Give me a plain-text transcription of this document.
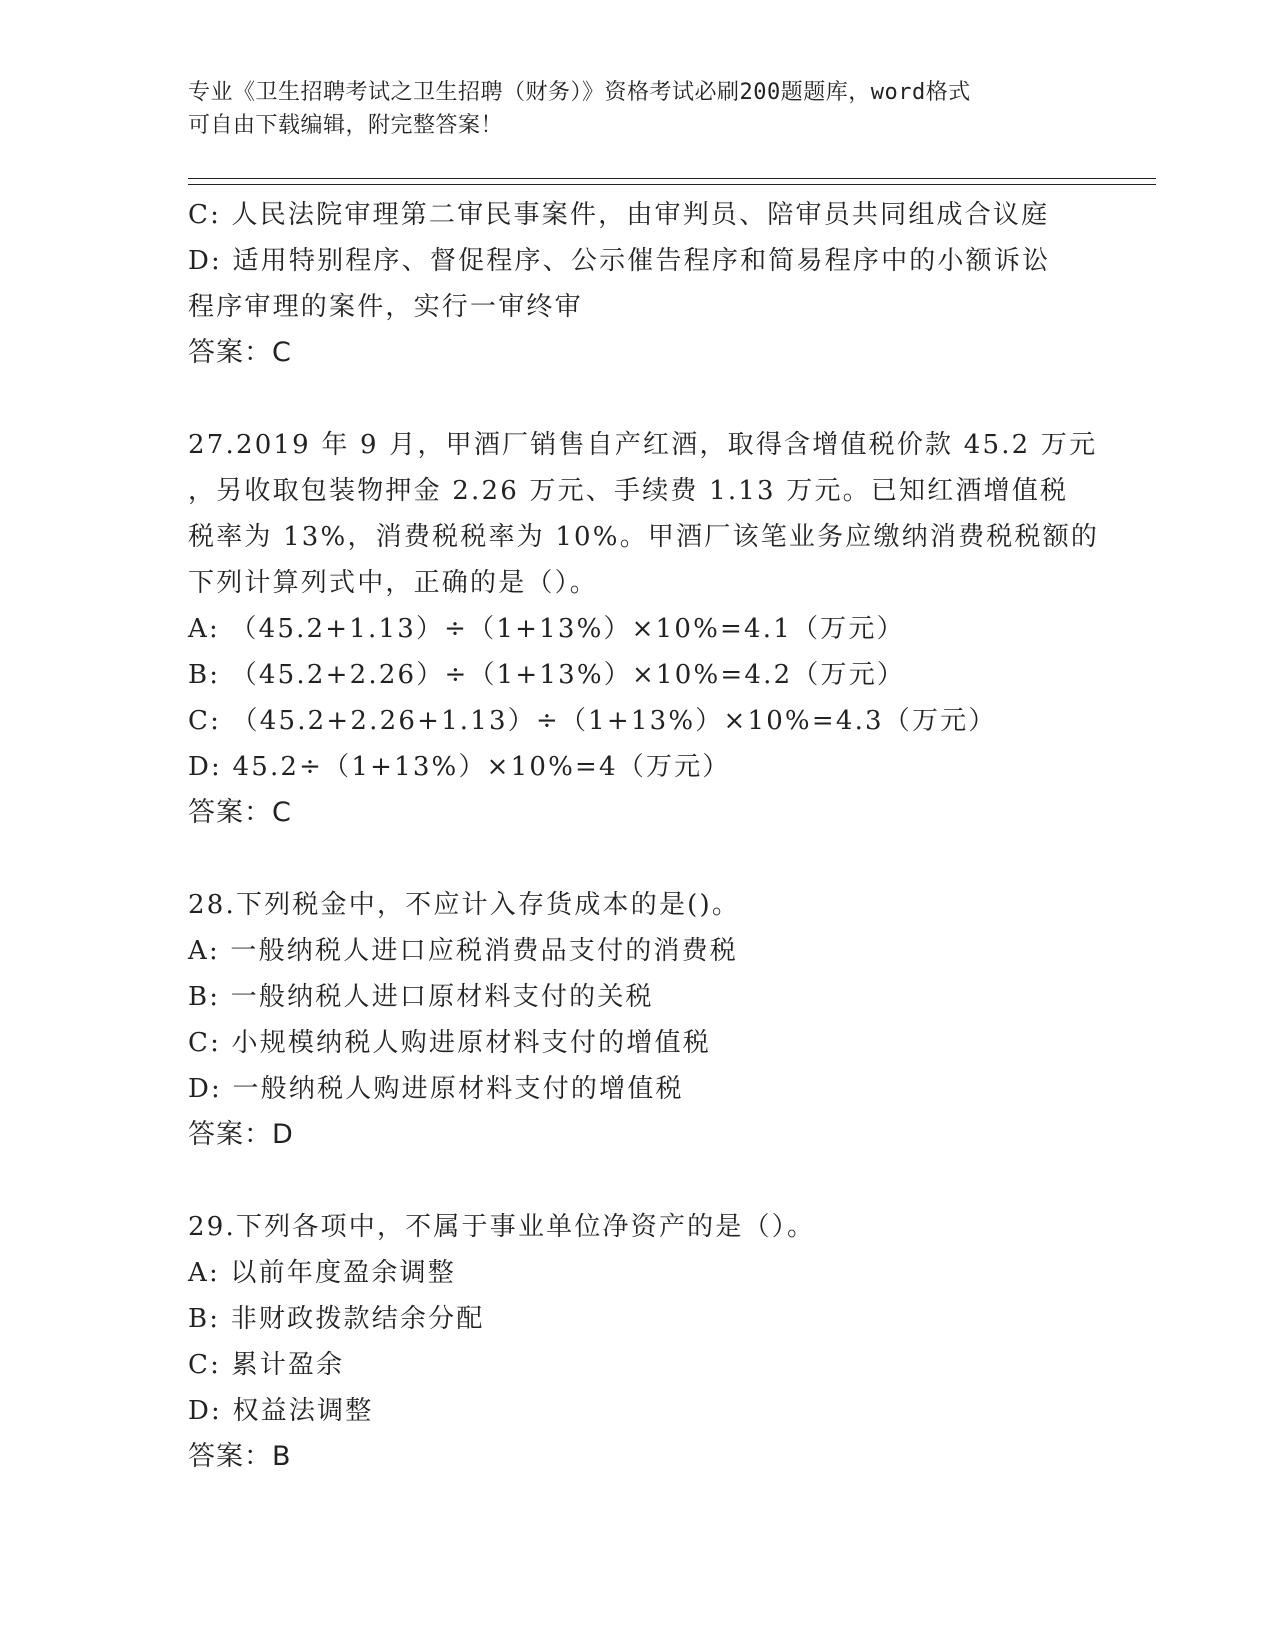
专业《卫生招聘考试之卫生招聘（财务）》资格考试必刷200题题库，word格式
可自由下载编辑，附完整答案！
C: 人民法院审理第二审民事案件，由审判员、陪审员共同组成合议庭
D: 适用特别程序、督促程序、公示催告程序和简易程序中的小额诉讼
程序审理的案件，实行一审终审
答案：C
27.2019 年 9 月，甲酒厂销售自产红酒，取得含增值税价款 45.2 万元
，另收取包装物押金 2.26 万元、手续费 1.13 万元。已知红酒增值税
税率为 13%，消费税税率为 10%。甲酒厂该笔业务应缴纳消费税税额的
下列计算列式中，正确的是（）。
A: （45.2+1.13）÷（1+13%）×10%=4.1（万元）
B: （45.2+2.26）÷（1+13%）×10%=4.2（万元）
C: （45.2+2.26+1.13）÷（1+13%）×10%=4.3（万元）
D: 45.2÷（1+13%）×10%=4（万元）
答案：C
28.下列税金中，不应计入存货成本的是()。
A: 一般纳税人进口应税消费品支付的消费税
B: 一般纳税人进口原材料支付的关税
C: 小规模纳税人购进原材料支付的增值税
D: 一般纳税人购进原材料支付的增值税
答案：D
29.下列各项中，不属于事业单位净资产的是（）。
A: 以前年度盈余调整
B: 非财政拨款结余分配
C: 累计盈余
D: 权益法调整
答案：B
